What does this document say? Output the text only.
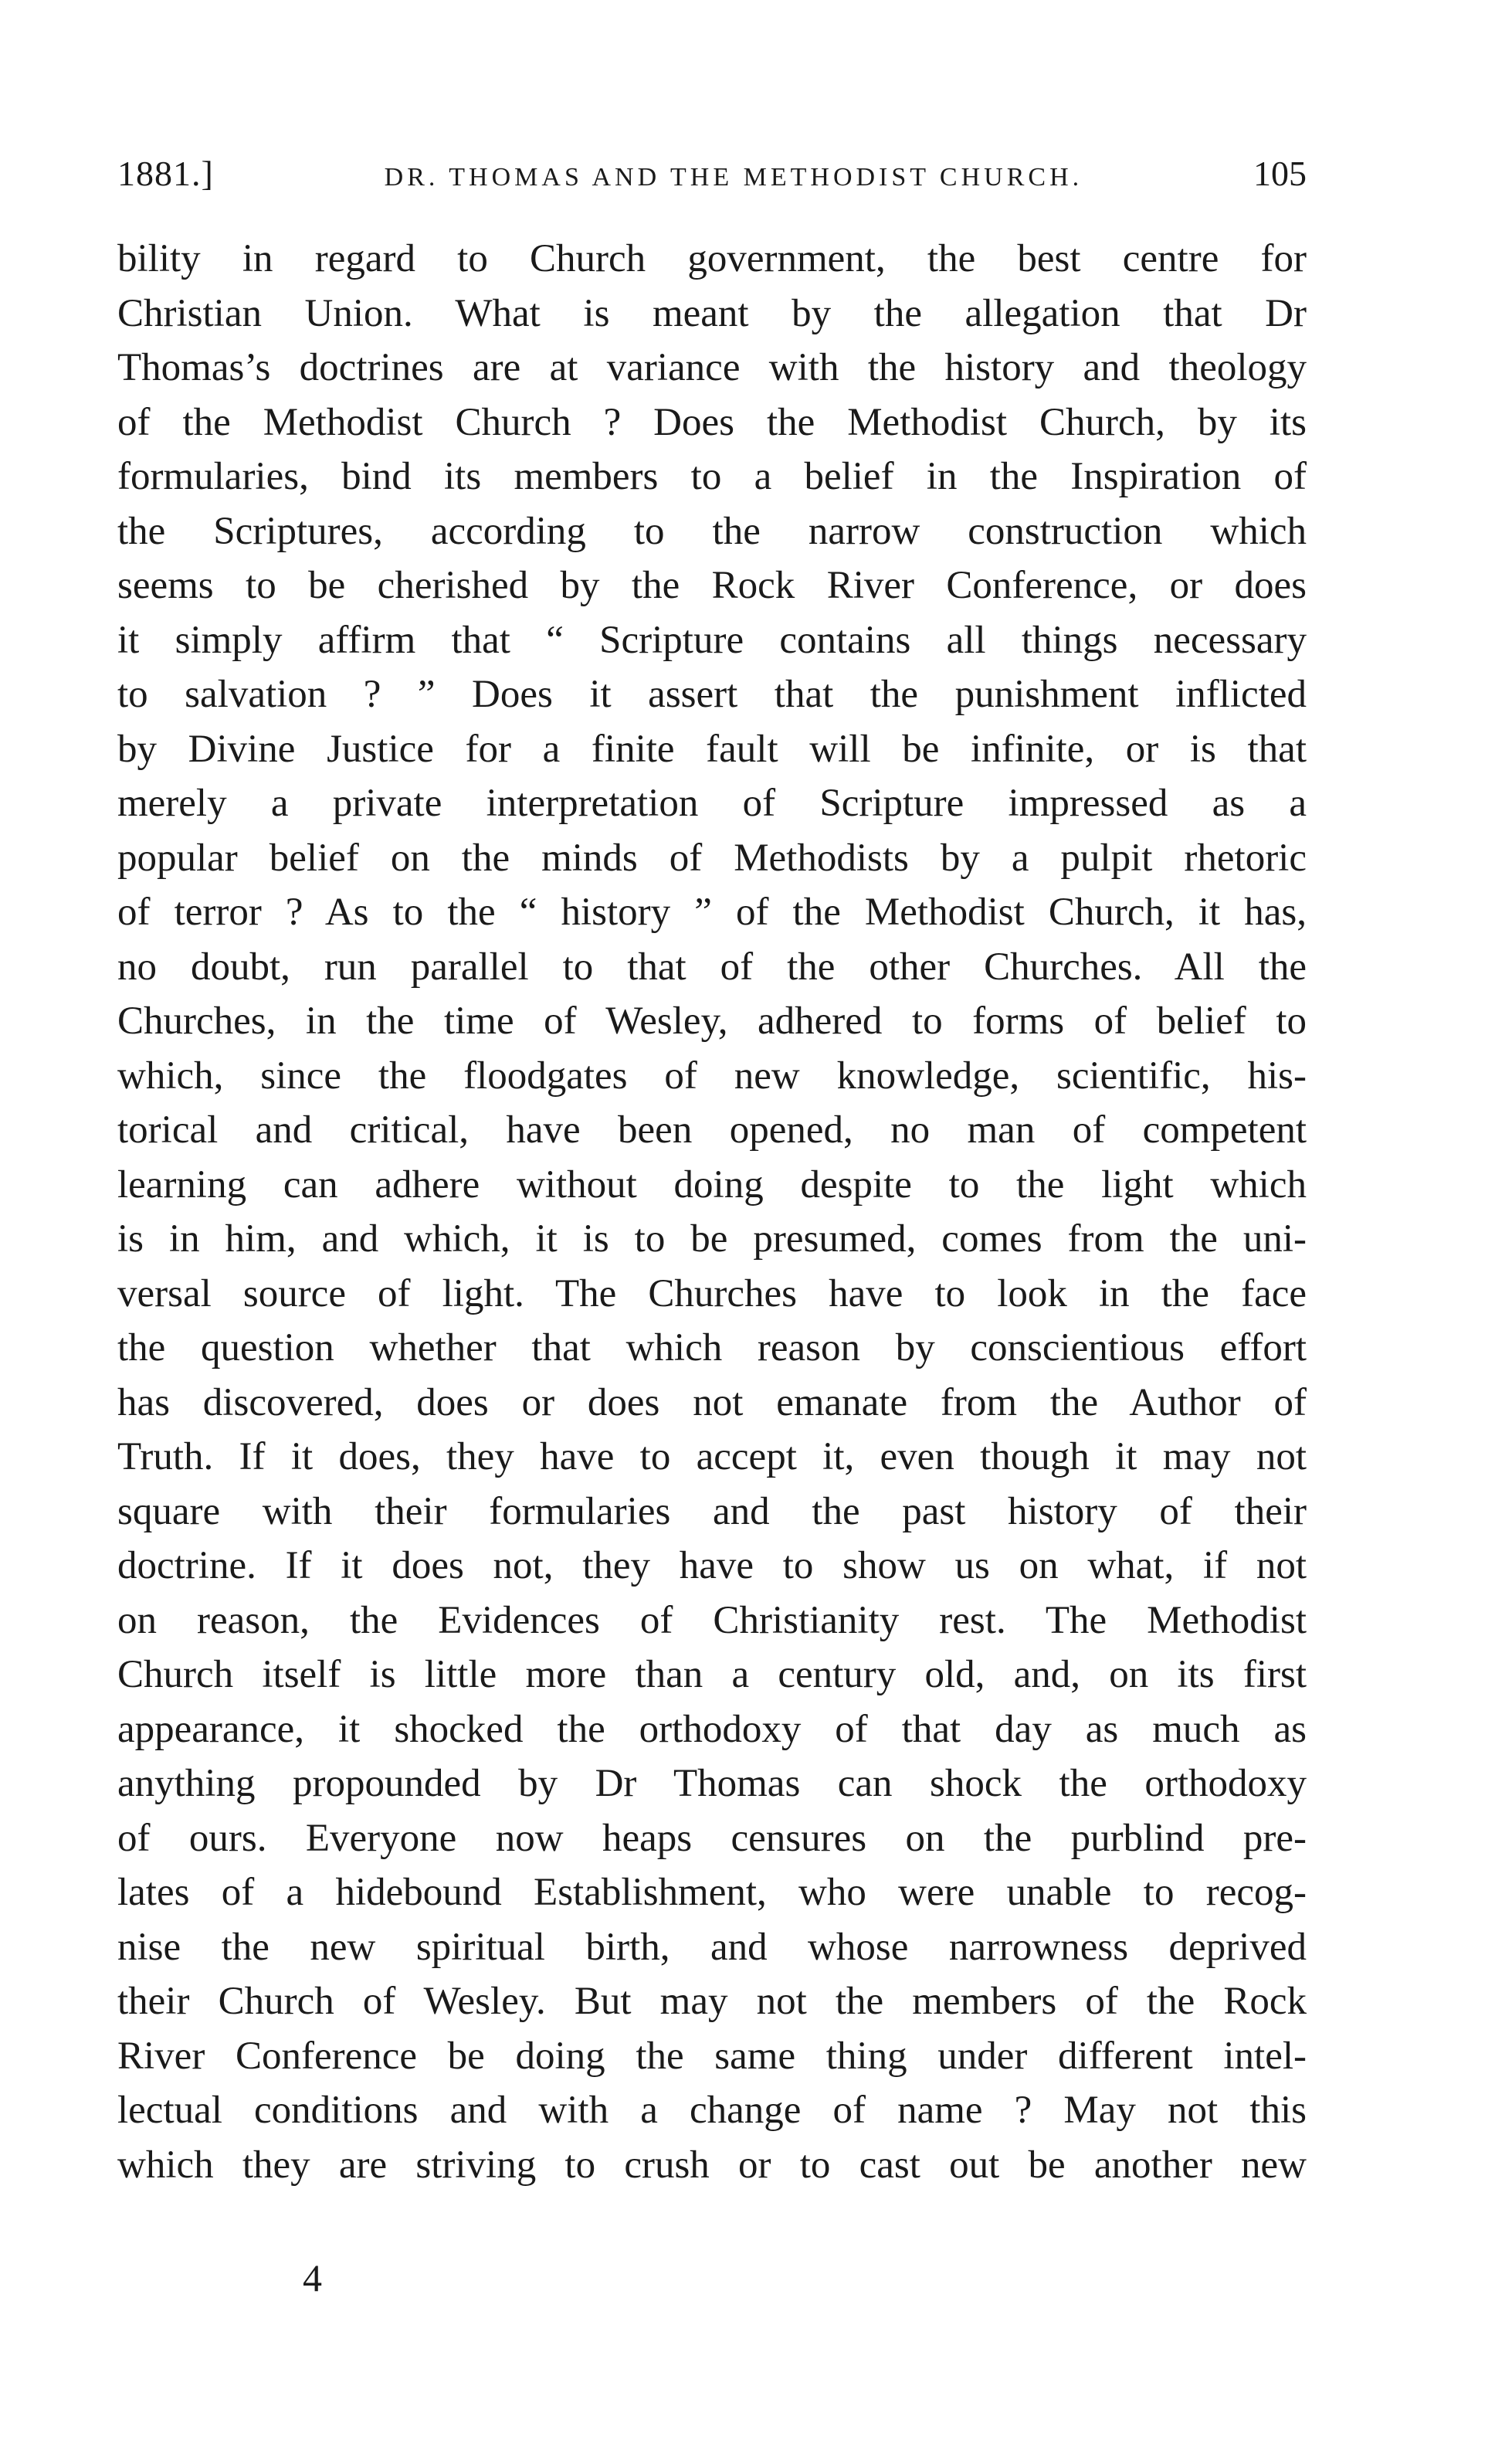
1881.]	DR. THOMAS AND THE METHODIST CHURCH.	105
bility in regard to Church government, the best centre for
Christian Union. What is meant by the allegation that Dr
Thomas’s doctrines are at variance with the history and theology
of the Methodist Church ? Does the Methodist Church, by its
formularies, bind its members to a belief in the Inspiration of
the Scriptures, according to the narrow construction which
seems to be cherished by the Rock River Conference, or does
it simply affirm that “ Scripture contains all things necessary
to salvation ? ” Does it assert that the punishment inflicted
by Divine Justice for a finite fault will be infinite, or is that
merely a private interpretation of Scripture impressed as a
popular belief on the minds of Methodists by a pulpit rhetoric
of terror ? As to the “ history ” of the Methodist Church, it has,
no doubt, run parallel to that of the other Churches. All the
Churches, in the time of Wesley, adhered to forms of belief to
which, since the floodgates of new knowledge, scientific, his-
torical and critical, have been opened, no man of competent
learning can adhere without doing despite to the light which
is in him, and which, it is to be presumed, comes from the uni-
versal source of light. The Churches have to look in the face
the question whether that which reason by conscientious effort
has discovered, does or does not emanate from the Author of
Truth. If it does, they have to accept it, even though it may not
square with their formularies and the past history of their
doctrine. If it does not, they have to show us on what, if not
on reason, the Evidences of Christianity rest. The Methodist
Church itself is little more than a century old, and, on its first
appearance, it shocked the orthodoxy of that day as much as
anything propounded by Dr Thomas can shock the orthodoxy
of ours. Everyone now heaps censures on the purblind pre-
lates of a hidebound Establishment, who were unable to recog-
nise the new spiritual birth, and whose narrowness deprived
their Church of Wesley. But may not the members of the Rock
River Conference be doing the same thing under different intel-
lectual conditions and with a change of name ? May not this
which they are striving to crush or to cast out be another new
4
